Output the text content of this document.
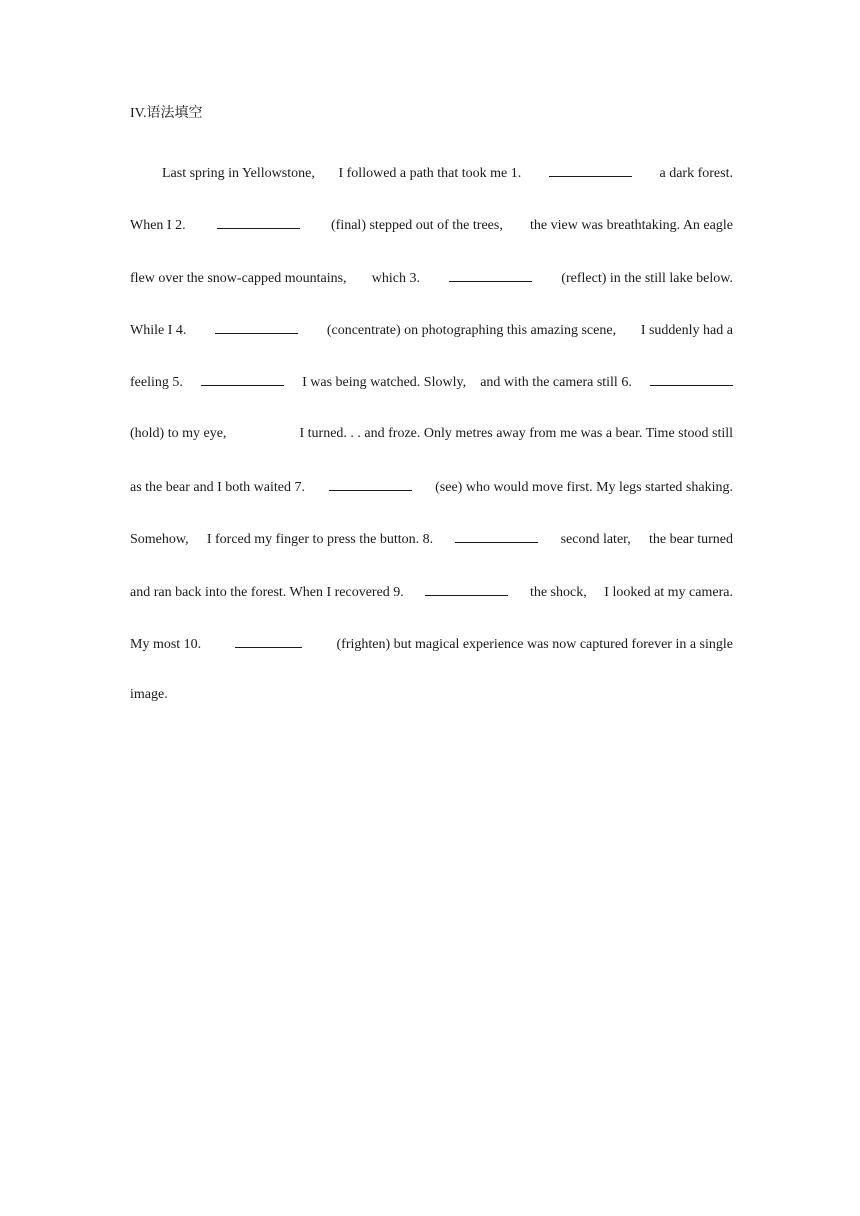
IV.语法填空
Last spring in Yellowstone, I followed a path that took me 1.	a dark forest.
When I 2.	(final) stepped out of the trees, the view was breathtaking. An eagle
flew over the snow-capped mountains, which 3.	(reflect) in the still lake below.
While I 4.	(concentrate) on photographing this amazing scene, I suddenly had a
feeling 5.	I was being watched. Slowly, and with the camera still 6.
(hold) to my eye,	I turned. . . and froze. Only metres away from me was a bear. Time stood still
as the bear and I both waited 7.	(see) who would move first. My legs started shaking.
Somehow, I forced my finger to press the button. 8.	second later, the bear turned
and ran back into the forest. When I recovered 9.	the shock, I looked at my camera.
My most 10.	(frighten) but magical experience was now captured forever in a single
image.
